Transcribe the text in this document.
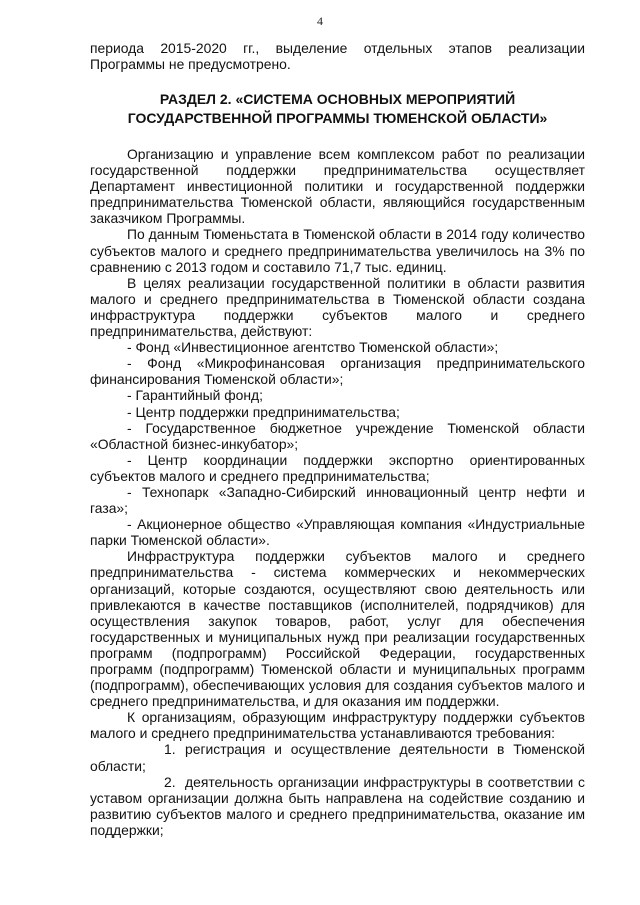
4

периода 2015-2020 гг., выделение отдельных этапов реализации Программы не предусмотрено.

РАЗДЕЛ 2. «СИСТЕМА ОСНОВНЫХ МЕРОПРИЯТИЙ
ГОСУДАРСТВЕННОЙ ПРОГРАММЫ ТЮМЕНСКОЙ ОБЛАСТИ»

Организацию и управление всем комплексом работ по реализации государственной поддержки предпринимательства осуществляет Департамент инвестиционной политики и государственной поддержки предпринимательства Тюменской области, являющийся государственным заказчиком Программы.

По данным Тюменьстата в Тюменской области в 2014 году количество субъектов малого и среднего предпринимательства увеличилось на 3% по сравнению с 2013 годом и составило 71,7 тыс. единиц.

В целях реализации государственной политики в области развития малого и среднего предпринимательства в Тюменской области создана инфраструктура поддержки субъектов малого и среднего предпринимательства, действуют:

- Фонд «Инвестиционное агентство Тюменской области»;

- Фонд «Микрофинансовая организация предпринимательского финансирования Тюменской области»;

- Гарантийный фонд;

- Центр поддержки предпринимательства;

- Государственное бюджетное учреждение Тюменской области «Областной бизнес-инкубатор»;

- Центр координации поддержки экспортно ориентированных субъектов малого и среднего предпринимательства;

- Технопарк «Западно-Сибирский инновационный центр нефти и газа»;

- Акционерное общество «Управляющая компания «Индустриальные парки Тюменской области».

Инфраструктура поддержки субъектов малого и среднего предпринимательства - система коммерческих и некоммерческих организаций, которые создаются, осуществляют свою деятельность или привлекаются в качестве поставщиков (исполнителей, подрядчиков) для осуществления закупок товаров, работ, услуг для обеспечения государственных и муниципальных нужд при реализации государственных программ (подпрограмм) Российской Федерации, государственных программ (подпрограмм) Тюменской области и муниципальных программ (подпрограмм), обеспечивающих условия для создания субъектов малого и среднего предпринимательства, и для оказания им поддержки.

К организациям, образующим инфраструктуру поддержки субъектов малого и среднего предпринимательства устанавливаются требования:

1. регистрация и осуществление деятельности в Тюменской области;

2. деятельность организации инфраструктуры в соответствии с уставом организации должна быть направлена на содействие созданию и развитию субъектов малого и среднего предпринимательства, оказание им поддержки;
